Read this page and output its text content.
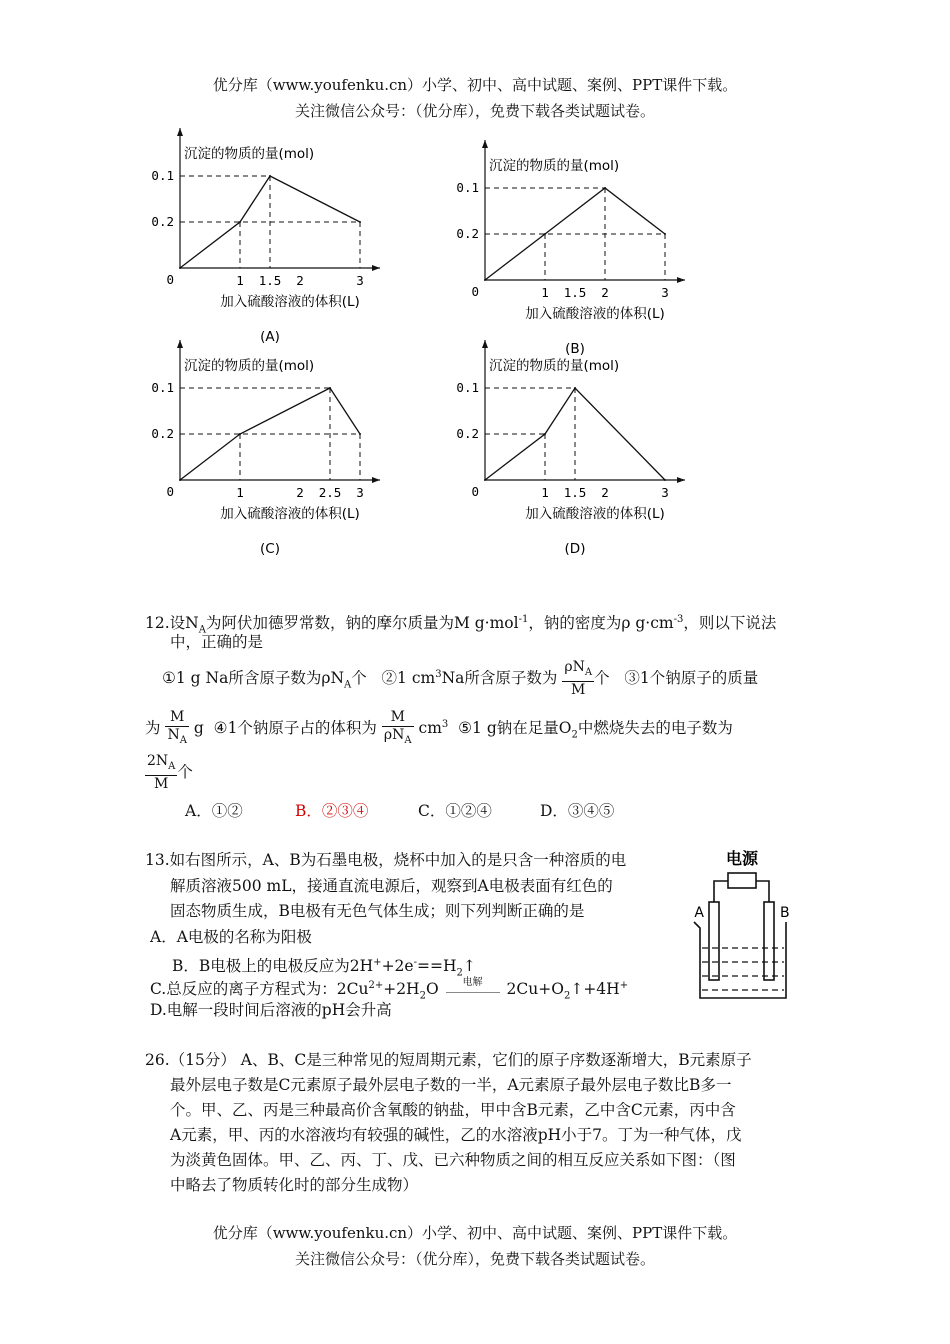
优分库（www.youfenku.cn）小学、初中、高中试题、案例、PPT课件下载。
关注微信公众号：（优分库），免费下载各类试题试卷。
沉淀的物质的量(mol)
0
0.1
0.2
1 1.5 2	3
加入硫酸溶液的体积(L)
(A)
沉淀的物质的量(mol)
0
0.1
0.2
1 1.5 2	3
加入硫酸溶液的体积(L)
(B)
沉淀的物质的量(mol)
0
0.1
0.2
1	2 2.5 3
加入硫酸溶液的体积(L)
(C)
沉淀的物质的量(mol)
0
0.1
0.2
1 1.5 2	3
加入硫酸溶液的体积(L)
(D)
12.设$N_A$为阿伏加德罗常数，钠的摩尔质量为M g·mol$^{-1}$，钠的密度为ρ $g\cdot cm^{-3}$，则以下说法
中，正确的是
①1 g Na所含原子数为$\rho N_A$个 ②1 $cm^3Na$所含原子数为 $\frac{\rho N_A}{M}$ 个 ③1个钠原子的质量
为 $\frac{M}{N_A}$ g ④1个钠原子占的体积为 $\frac{M}{\rho N_A} cm^3$ ⑤1 g钠在足量$O_2$中燃烧失去的电子数为
$\frac{2N_A}{M}$ 个
A．①②	B．②③④	C．①②④	D．③④⑤
13.如右图所示，A、B为石墨电极，烧杯中加入的是只含一种溶质的电
解质溶液500 mL，接通直流电源后，观察到A电极表面有红色的
固态物质生成，B电极有无色气体生成；则下列判断正确的是
A．A电极的名称为阳极
B．B电极上的电极反应为$2H^++2e^-==H_2↑$
C.总反应的离子方程式为：$2Cu^{2+}+2H_2O$	电解	$2Cu+O_2↑+4H^+$
D.电解一段时间后溶液的pH会升高
电源
A	B
26.（15分） A、B、C是三种常见的短周期元素，它们的原子序数逐渐增大，B元素原子
最外层电子数是C元素原子最外层电子数的一半，A元素原子最外层电子数比B多一
个。甲、乙、丙是三种最高价含氧酸的钠盐，甲中含B元素，乙中含C元素，丙中含
A元素，甲、丙的水溶液均有较强的碱性，乙的水溶液pH小于7。丁为一种气体，戊
为淡黄色固体。甲、乙、丙、丁、戊、已六种物质之间的相互反应关系如下图：（图
中略去了物质转化时的部分生成物）
优分库（www.youfenku.cn）小学、初中、高中试题、案例、PPT课件下载。
关注微信公众号：（优分库），免费下载各类试题试卷。
